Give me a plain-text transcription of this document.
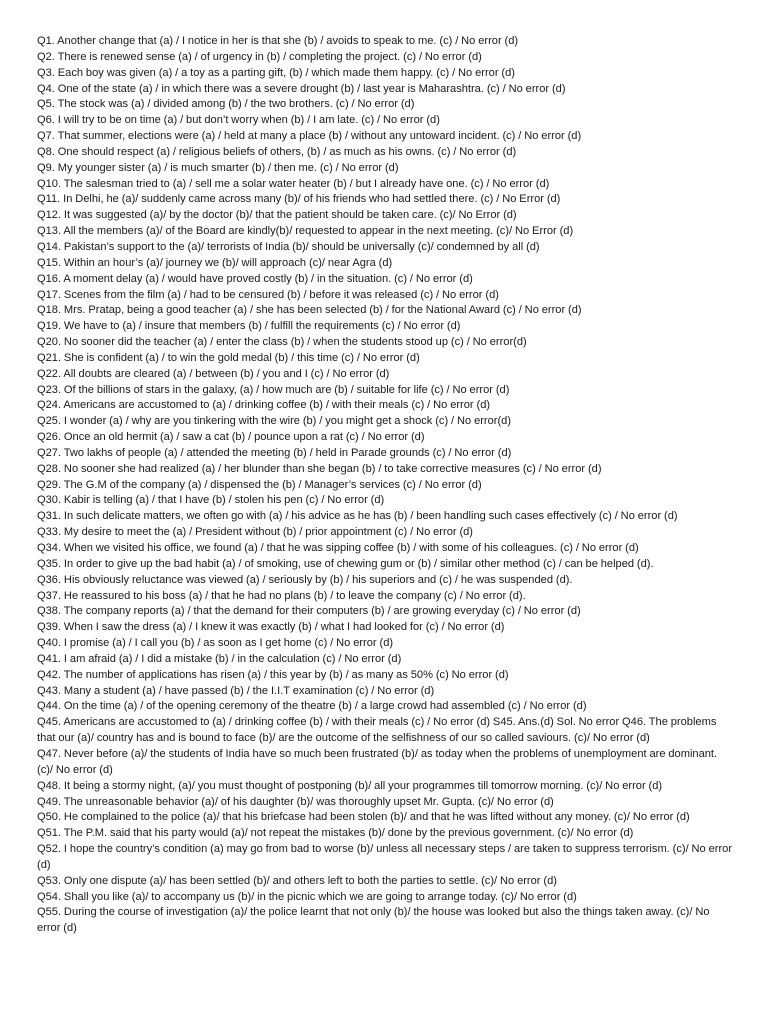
Q1. Another change that (a) / I notice in her is that she (b) / avoids to speak to me. (c) / No error (d)
Q2. There is renewed sense (a) / of urgency in (b) / completing the project. (c) / No error (d)
Q3. Each boy was given (a) / a toy as a parting gift, (b) / which made them happy. (c) / No error (d)
Q4. One of the state (a) / in which there was a severe drought (b) / last year is Maharashtra. (c) / No error (d)
Q5. The stock was (a) / divided among (b) / the two brothers. (c) / No error (d)
Q6. I will try to be on time (a) / but don’t worry when (b) / I am late. (c) / No error (d)
Q7. That summer, elections were (a) / held at many a place (b) / without any untoward incident. (c) / No error (d)
Q8. One should respect (a) / religious beliefs of others, (b) / as much as his owns. (c) / No error (d)
Q9. My younger sister (a) / is much smarter (b) / then me. (c) / No error (d)
Q10. The salesman tried to (a) / sell me a solar water heater (b) / but I already have one. (c) / No error (d)
Q11. In Delhi, he (a)/ suddenly came across many (b)/ of his friends who had settled there. (c) / No Error (d)
Q12. It was suggested (a)/ by the doctor (b)/ that the patient should be taken care. (c)/ No Error (d)
Q13. All the members (a)/ of the Board are kindly(b)/ requested to appear in the next meeting. (c)/ No Error (d)
Q14. Pakistan’s support to the (a)/ terrorists of India (b)/ should be universally (c)/ condemned by all (d)
Q15. Within an hour’s (a)/ journey we (b)/ will approach (c)/ near Agra (d)
Q16. A moment delay (a) / would have proved costly (b) / in the situation. (c) / No error (d)
Q17. Scenes from the film (a) / had to be censured (b) / before it was released (c) / No error (d)
Q18. Mrs. Pratap, being a good teacher (a) / she has been selected (b) / for the National Award (c) / No error (d)
Q19. We have to (a) / insure that members (b) / fulfill the requirements (c) / No error (d)
Q20. No sooner did the teacher (a) / enter the class (b) / when the students stood up (c) / No error(d)
Q21. She is confident (a) / to win the gold medal (b) / this time (c) / No error (d)
Q22. All doubts are cleared (a) / between (b) / you and I (c) / No error (d)
Q23. Of the billions of stars in the galaxy, (a) / how much are (b) / suitable for life (c) / No error (d)
Q24. Americans are accustomed to (a) / drinking coffee (b) / with their meals (c) / No error (d)
Q25. I wonder (a) / why are you tinkering with the wire (b) / you might get a shock (c) / No error(d)
Q26. Once an old hermit (a) / saw a cat (b) / pounce upon a rat (c) / No error (d)
Q27. Two lakhs of people (a) / attended the meeting (b) / held in Parade grounds (c) / No error (d)
Q28. No sooner she had realized (a) / her blunder than she began (b) / to take corrective measures (c) / No error (d)
Q29. The G.M of the company (a) / dispensed the (b) / Manager’s services (c) / No error (d)
Q30. Kabir is telling (a) / that I have (b) / stolen his pen (c) / No error (d)
Q31. In such delicate matters, we often go with (a) / his advice as he has (b) / been handling such cases effectively (c) / No error (d)
Q33. My desire to meet the (a) / President without (b) / prior appointment (c) / No error (d)
Q34. When we visited his office, we found (a) / that he was sipping coffee (b) / with some of his colleagues. (c) / No error (d)
Q35. In order to give up the bad habit (a) / of smoking, use of chewing gum or (b) / similar other method (c) / can be helped (d).
Q36. His obviously reluctance was viewed (a) / seriously by (b) / his superiors and (c) / he was suspended (d).
Q37. He reassured to his boss (a) / that he had no plans (b) / to leave the company (c) / No error (d).
Q38. The company reports (a) / that the demand for their computers (b) / are growing everyday (c) / No error (d)
Q39. When I saw the dress (a) / I knew it was exactly (b) / what I had looked for (c) / No error (d)
Q40. I promise (a) / I call you (b) / as soon as I get home (c) / No error (d)
Q41. I am afraid (a) / I did a mistake (b) / in the calculation (c) / No error (d)
Q42. The number of applications has risen (a) / this year by (b) / as many as 50% (c) No error (d)
Q43. Many a student (a) / have passed (b) / the I.I.T examination (c) / No error (d)
Q44. On the time (a) / of the opening ceremony of the theatre (b) / a large crowd had assembled (c) / No error (d)
Q45. Americans are accustomed to (a) / drinking coffee (b) / with their meals (c) / No error (d) S45. Ans.(d) Sol. No error Q46. The problems that our (a)/ country has and is bound to face (b)/ are the outcome of the selfishness of our so called saviours. (c)/ No error (d)
Q47. Never before (a)/ the students of India have so much been frustrated (b)/ as today when the problems of unemployment are dominant. (c)/ No error (d)
Q48. It being a stormy night, (a)/ you must thought of postponing (b)/ all your programmes till tomorrow morning. (c)/ No error (d)
Q49. The unreasonable behavior (a)/ of his daughter (b)/ was thoroughly upset Mr. Gupta. (c)/ No error (d)
Q50. He complained to the police (a)/ that his briefcase had been stolen (b)/ and that he was lifted without any money. (c)/ No error (d)
Q51. The P.M. said that his party would (a)/ not repeat the mistakes (b)/ done by the previous government. (c)/ No error (d)
Q52. I hope the country’s condition (a) may go from bad to worse (b)/ unless all necessary steps / are taken to suppress terrorism. (c)/ No error (d)
Q53. Only one dispute (a)/ has been settled (b)/ and others left to both the parties to settle. (c)/ No error (d)
Q54. Shall you like (a)/ to accompany us (b)/ in the picnic which we are going to arrange today. (c)/ No error (d)
Q55. During the course of investigation (a)/ the police learnt that not only (b)/ the house was looked but also the things taken away. (c)/ No error (d)
